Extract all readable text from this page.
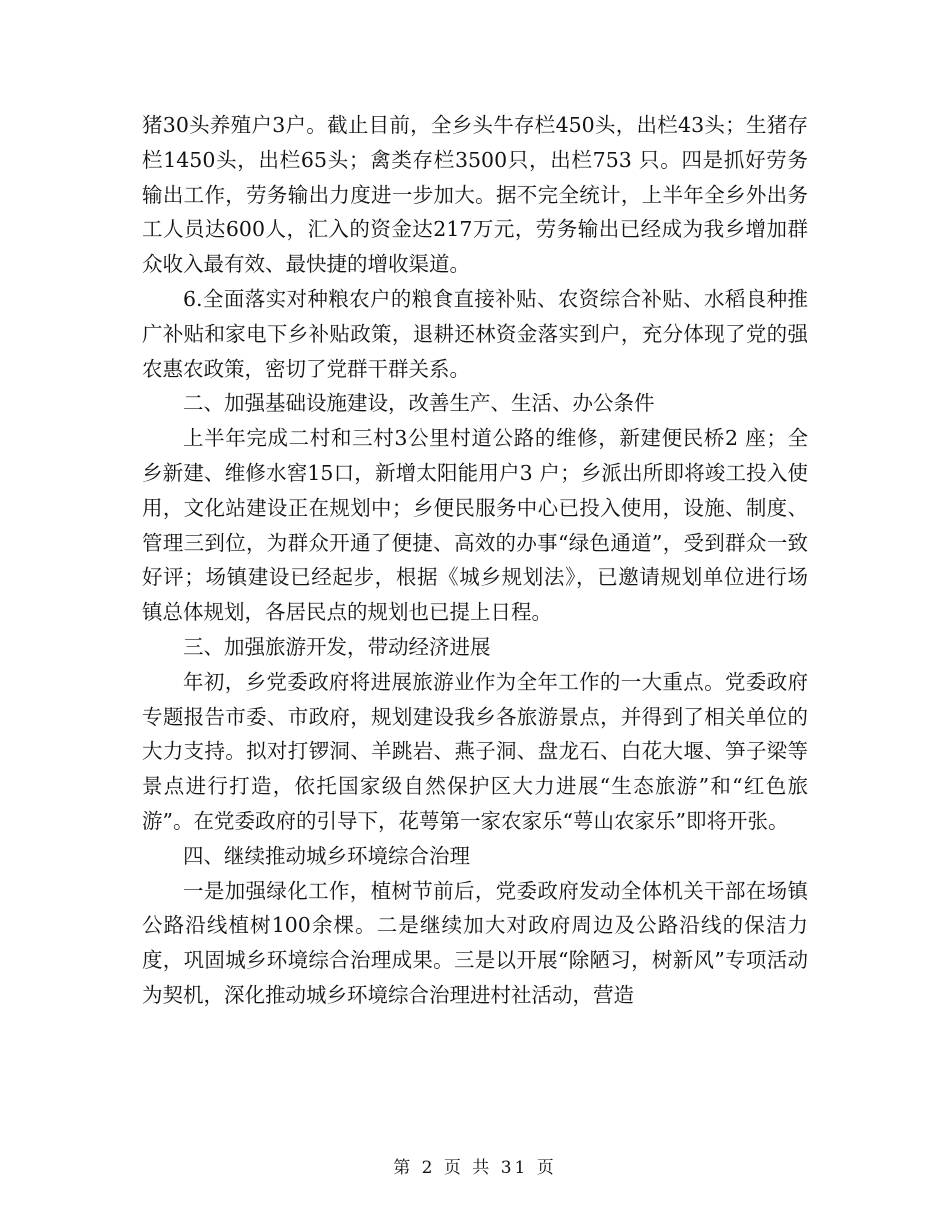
猪30头养殖户3户。截止目前，全乡头牛存栏450头，出栏43头；生猪存栏1450头，出栏65头；禽类存栏3500只，出栏753 只。四是抓好劳务输出工作，劳务输出力度进一步加大。据不完全统计，上半年全乡外出务工人员达600人，汇入的资金达217万元，劳务输出已经成为我乡增加群众收入最有效、最快捷的增收渠道。

6.全面落实对种粮农户的粮食直接补贴、农资综合补贴、水稻良种推广补贴和家电下乡补贴政策，退耕还林资金落实到户，充分体现了党的强农惠农政策，密切了党群干群关系。

二、加强基础设施建设，改善生产、生活、办公条件

上半年完成二村和三村3公里村道公路的维修，新建便民桥2 座；全乡新建、维修水窖15口，新增太阳能用户3 户；乡派出所即将竣工投入使用，文化站建设正在规划中；乡便民服务中心已投入使用，设施、制度、管理三到位，为群众开通了便捷、高效的办事“绿色通道”，受到群众一致好评；场镇建设已经起步，根据《城乡规划法》，已邀请规划单位进行场镇总体规划，各居民点的规划也已提上日程。

三、加强旅游开发，带动经济进展

年初，乡党委政府将进展旅游业作为全年工作的一大重点。党委政府专题报告市委、市政府，规划建设我乡各旅游景点，并得到了相关单位的大力支持。拟对打锣洞、羊跳岩、燕子洞、盘龙石、白花大堰、笋子梁等景点进行打造，依托国家级自然保护区大力进展“生态旅游”和“红色旅游”。在党委政府的引导下，花萼第一家农家乐“萼山农家乐”即将开张。

四、继续推动城乡环境综合治理

一是加强绿化工作，植树节前后，党委政府发动全体机关干部在场镇公路沿线植树100余棵。二是继续加大对政府周边及公路沿线的保洁力度，巩固城乡环境综合治理成果。三是以开展“除陋习，树新风”专项活动为契机，深化推动城乡环境综合治理进村社活动，营造

第 2 页 共 31 页
